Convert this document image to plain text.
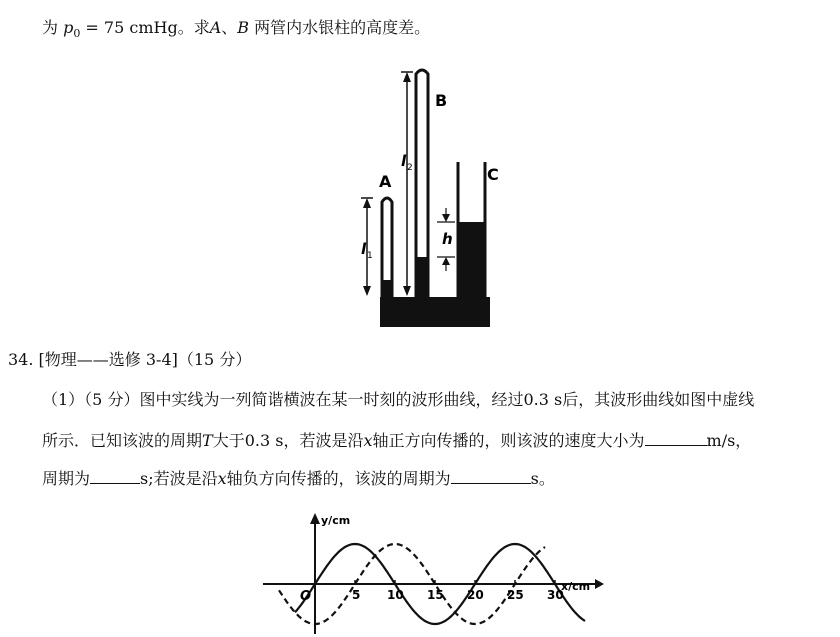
为 $p_0 = 75$ cmHg。求A、B 两管内水银柱的高度差。
A
B
C
l 1
l 2
h
34. [物理——选修 3-4]（15 分）
（1）（5 分）图中实线为一列简谐横波在某一时刻的波形曲线，经过0.3 s后，其波形曲线如图中虚线
所示．已知该波的周期T大于0.3 s，若波是沿x轴正方向传播的，则该波的速度大小为	m/s，
周期为	s;若波是沿x轴负方向传播的，该波的周期为	s。
5 10 15 20 25 30
O
y/cm
x/cm
